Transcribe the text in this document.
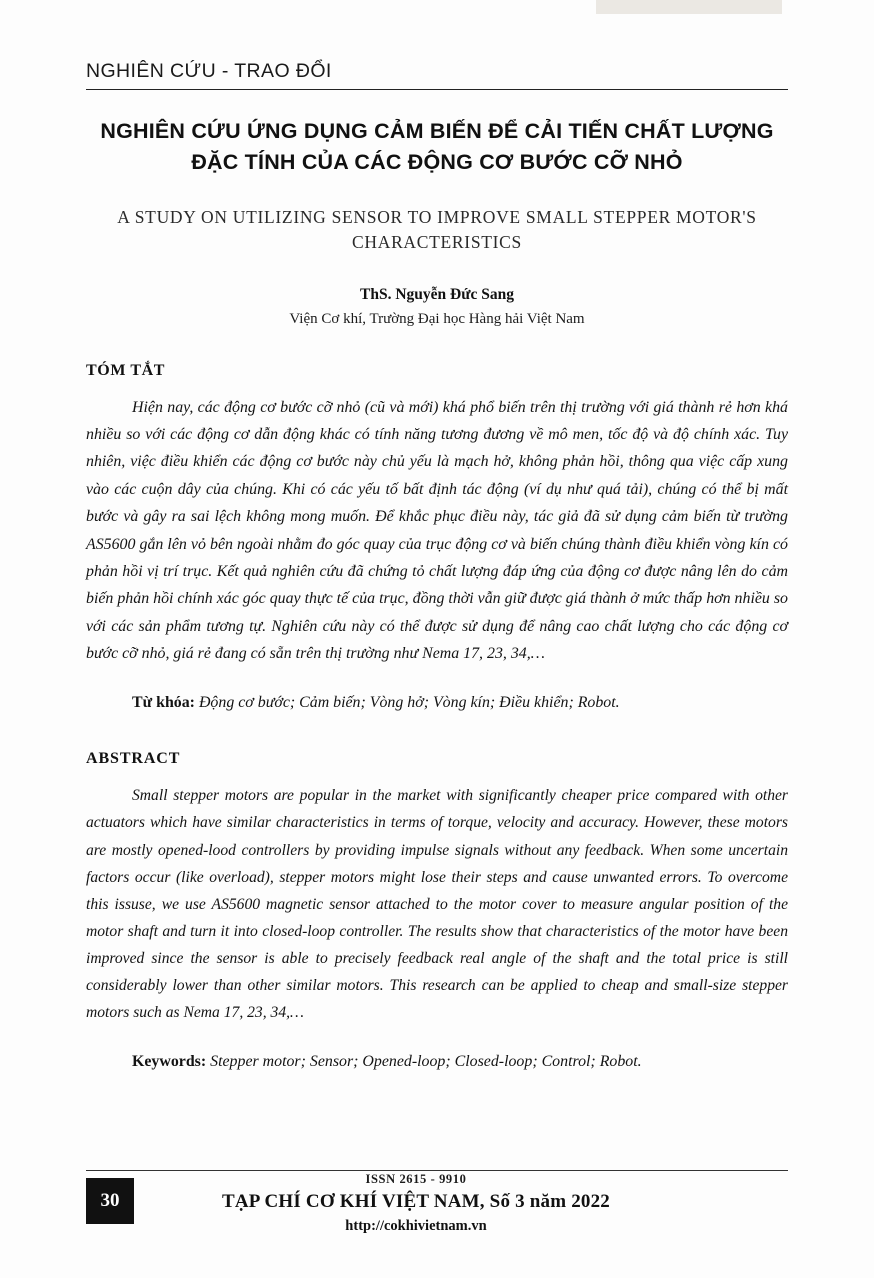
NGHIÊN CỨU - TRAO ĐỔI
NGHIÊN CỨU ỨNG DỤNG CẢM BIẾN ĐỂ CẢI TIẾN CHẤT LƯỢNG
ĐẶC TÍNH CỦA CÁC ĐỘNG CƠ BƯỚC CỠ NHỎ
A STUDY ON UTILIZING SENSOR TO IMPROVE SMALL STEPPER MOTOR'S
CHARACTERISTICS
ThS. Nguyễn Đức Sang
Viện Cơ khí, Trường Đại học Hàng hải Việt Nam
TÓM TẮT

Hiện nay, các động cơ bước cỡ nhỏ (cũ và mới) khá phổ biến trên thị trường với giá thành rẻ hơn khá nhiều so với các động cơ dẫn động khác có tính năng tương đương về mô men, tốc độ và độ chính xác. Tuy nhiên, việc điều khiển các động cơ bước này chủ yếu là mạch hở, không phản hồi, thông qua việc cấp xung vào các cuộn dây của chúng. Khi có các yếu tố bất định tác động (ví dụ như quá tải), chúng có thể bị mất bước và gây ra sai lệch không mong muốn. Để khắc phục điều này, tác giả đã sử dụng cảm biến từ trường AS5600 gắn lên vỏ bên ngoài nhằm đo góc quay của trục động cơ và biến chúng thành điều khiển vòng kín có phản hồi vị trí trục. Kết quả nghiên cứu đã chứng tỏ chất lượng đáp ứng của động cơ được nâng lên do cảm biến phản hồi chính xác góc quay thực tế của trục, đồng thời vẫn giữ được giá thành ở mức thấp hơn nhiều so với các sản phẩm tương tự. Nghiên cứu này có thể được sử dụng để nâng cao chất lượng cho các động cơ bước cỡ nhỏ, giá rẻ đang có sẵn trên thị trường như Nema 17, 23, 34,…

Từ khóa: Động cơ bước; Cảm biến; Vòng hở; Vòng kín; Điều khiển; Robot.
ABSTRACT

Small stepper motors are popular in the market with significantly cheaper price compared with other actuators which have similar characteristics in terms of torque, velocity and accuracy. However, these motors are mostly opened-lood controllers by providing impulse signals without any feedback. When some uncertain factors occur (like overload), stepper motors might lose their steps and cause unwanted errors. To overcome this issuse, we use AS5600 magnetic sensor attached to the motor cover to measure angular position of the motor shaft and turn it into closed-loop controller. The results show that characteristics of the motor have been improved since the sensor is able to precisely feedback real angle of the shaft and the total price is still considerably lower than other similar motors. This research can be applied to cheap and small-size stepper motors such as Nema 17, 23, 34,…

Keywords: Stepper motor; Sensor; Opened-loop; Closed-loop; Control; Robot.
30
ISSN 2615 - 9910
TẠP CHÍ CƠ KHÍ VIỆT NAM, Số 3 năm 2022
http://cokhivietnam.vn
